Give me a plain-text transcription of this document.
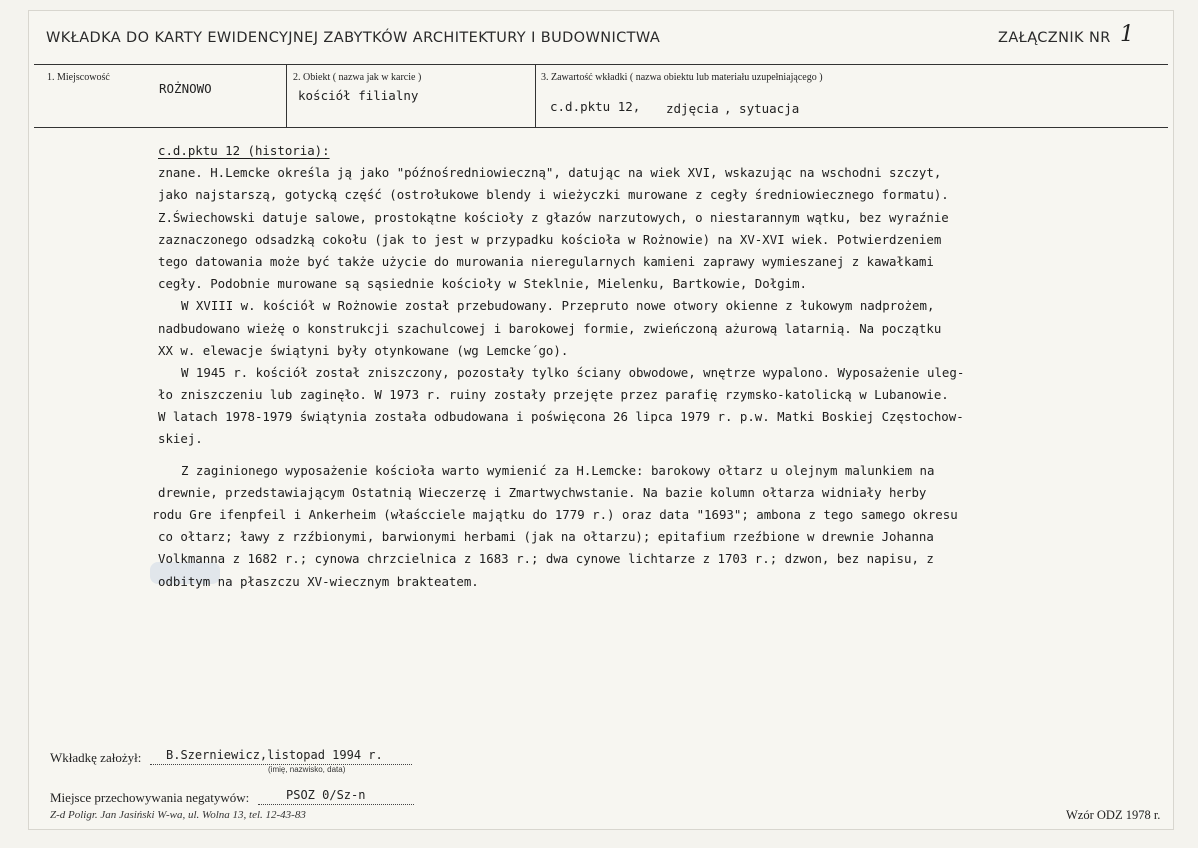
WKŁADKA DO KARTY EWIDENCYJNEJ ZABYTKÓW ARCHITEKTURY I BUDOWNICTWA	ZAŁĄCZNIK NR 1
1. Miejscowość
ROŻNOWO
2. Obiekt ( nazwa jak w karcie )
kościół filialny
3. Zawartość wkładki ( nazwa obiektu lub materiału uzupełniającego )
c.d.pktu 12, zdjęcia , sytuacja
c.d.pktu 12 (historia):
znane. H.Lemcke określa ją jako "późnośredniowieczną", datując na wiek XVI, wskazując na wschodni szczyt,
jako najstarszą, gotycką część (ostrołukowe blendy i wieżyczki murowane z cegły średniowiecznego formatu).
Z.Świechowski datuje salowe, prostokątne kościoły z głazów narzutowych, o niestarannym wątku, bez wyraźnie
zaznaczonego odsadzką cokołu (jak to jest w przypadku kościoła w Rożnowie) na XV-XVI wiek. Potwierdzeniem
tego datowania może być także użycie do murowania nieregularnych kamieni zaprawy wymieszanej z kawałkami
cegły. Podobnie murowane są sąsiednie kościoły w Steklnie, Mielenku, Bartkowie, Dołgim.
W XVIII w. kościół w Rożnowie został przebudowany. Przepruto nowe otwory okienne z łukowym nadprożem,
nadbudowano wieżę o konstrukcji szachulcowej i barokowej formie, zwieńczoną ażurową latarnią. Na początku
XX w. elewacje świątyni były otynkowane (wg Lemcke´go).
W 1945 r. kościół został zniszczony, pozostały tylko ściany obwodowe, wnętrze wypalono. Wyposażenie uleg-
ło zniszczeniu lub zaginęło. W 1973 r. ruiny zostały przejęte przez parafię rzymsko-katolicką w Lubanowie.
W latach 1978-1979 świątynia została odbudowana i poświęcona 26 lipca 1979 r. p.w. Matki Boskiej Częstochow-
skiej.
Z zaginionego wyposażenie kościoła warto wymienić za H.Lemcke: barokowy ołtarz u olejnym malunkiem na
drewnie, przedstawiającym Ostatnią Wieczerzę i Zmartwychwstanie. Na bazie kolumn ołtarza widniały herby
rodu Gre ifenpfeil i Ankerheim (właścciele majątku do 1779 r.) oraz data "1693"; ambona z tego samego okresu
co ołtarz; ławy z rzźbionymi, barwionymi herbami (jak na ołtarzu); epitafium rzeźbione w drewnie Johanna
Volkmanna z 1682 r.; cynowa chrzcielnica z 1683 r.; dwa cynowe lichtarze z 1703 r.; dzwon, bez napisu, z
odbitym na płaszczu XV-wiecznym brakteatem.
Wkładkę założył: B.Szerniewicz,listopad 1994 r.
(imię, nazwisko, data)
Miejsce przechowywania negatywów:	PSOZ 0/Sz-n
Z-d Poligr. Jan Jasiński W-wa, ul. Wolna 13, tel. 12-43-83	Wzór ODZ 1978 r.
